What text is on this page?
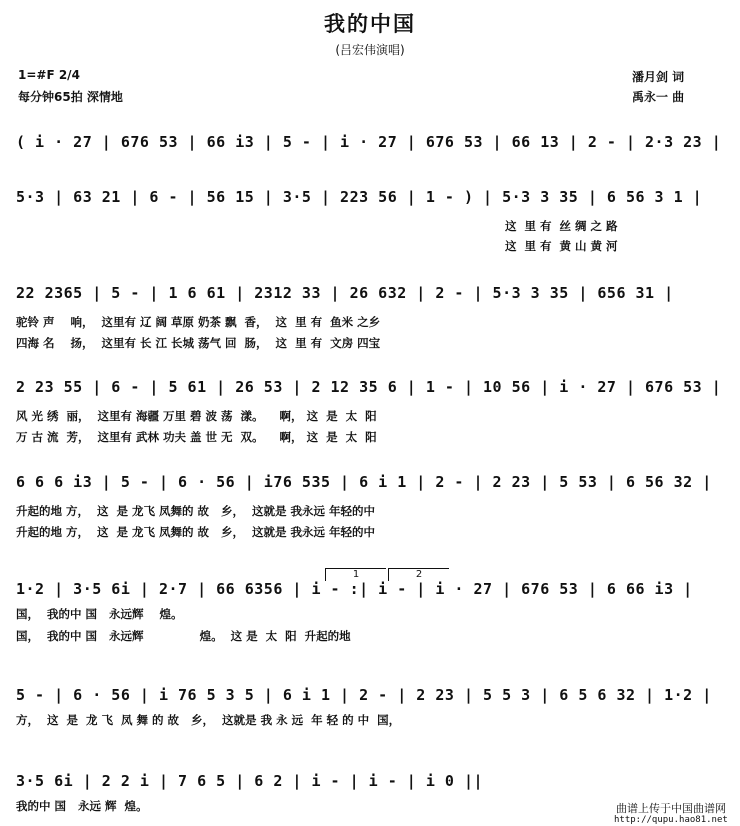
我的中国
(吕宏伟演唱)
1=#F 2/4
每分钟65拍 深情地
潘月剑 词
禹永一 曲
1	2
( i · 27 | 676 53 | 66 i3 | 5 - | i · 27 | 676 53 | 66 13 | 2 - | 2·3 23 |
5·3 | 63 21 | 6 - | 56 15 | 3·5 | 223 56 | 1 - ) | 5·3 3 35 | 6 56 3 1 |
这  里 有  丝 绸 之 路
这  里 有  黄 山 黄 河
22 2365 | 5 - | 1 6 61 | 2312 33 | 26 632 | 2 - | 5·3 3 35 | 656 31 |
驼铃 声    响，  这里有 辽 阔 草原 奶茶 飘  香，  这  里 有  鱼米 之乡
四海 名    扬，  这里有 长 江 长城 荡气 回  肠，  这  里 有  文房 四宝
2 23 55 | 6 - | 5 61 | 26 53 | 2 12 35 6 | 1 - | 10 56 | i · 27 | 676 53 |
风 光 绣  丽，  这里有 海疆 万里 碧 波 荡  漾。    啊， 这  是  太  阳
万 古 流  芳，  这里有 武林 功夫 盖 世 无  双。    啊， 这  是  太  阳
6 6 6 i3 | 5 - | 6 · 56 | i76 535 | 6 i 1 | 2 - | 2 23 | 5 53 | 6 56 32 |
升起的地 方，  这  是 龙飞 凤舞的 故   乡，  这就是 我永远 年轻的中
升起的地 方，  这  是 龙飞 凤舞的 故   乡，  这就是 我永远 年轻的中
1·2 | 3·5 6i | 2·7 | 66 6356 | i - :| i - | i · 27 | 676 53 | 6 66 i3 |
国，  我的中 国   永远辉    煌。
国，  我的中 国   永远辉              煌。  这 是  太  阳  升起的地
5 - | 6 · 56 | i 76 5 3 5 | 6 i 1 | 2 - | 2 23 | 5 5 3 | 6 5 6 32 | 1·2 |
方，  这  是  龙 飞  凤 舞 的 故   乡，  这就是 我 永 远  年 轻 的 中  国，
3·5 6i | 2 2 i | 7 6 5 | 6 2 | i - | i - | i 0 ||
我的中 国   永远 辉  煌。	曲谱上传于中国曲谱网
http://qupu.hao81.net
